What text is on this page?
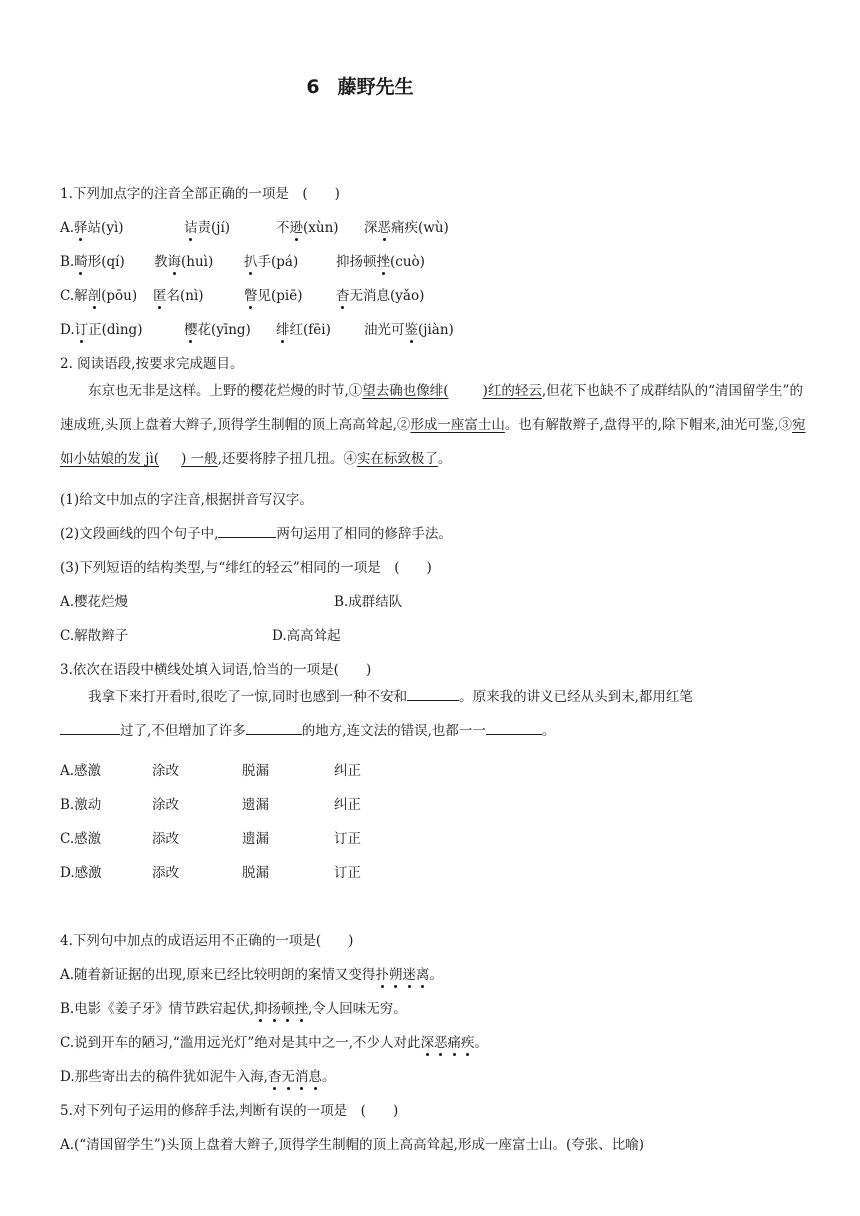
6 藤野先生
1.下列加点字的注音全部正确的一项是　(　　)
A.驿站(yì)	诘责(jí)	不逊(xùn) 深恶痛疾(wù)
B.畸形(qí) 教诲(huì) 扒手(pá)	抑扬顿挫(cuò)
C.解剖(pōu) 匿名(nì)	瞥见(piē) 杳无消息(yǎo)
D.订正(dìng)	樱花(yīng) 绯红(fēi) 油光可鉴(jiàn)
2. 阅读语段,按要求完成题目。
东京也无非是这样。上野的樱花烂熳的时节,①望去确也像绯(	)红的轻云,但花下也缺不了成群结队的“清国留学生”的速成班,头顶上盘着大辫子,顶得学生制帽的顶上高高耸起,②形成一座富士山。也有解散辫子,盘得平的,除下帽来,油光可鉴,③宛如小姑娘的发 jì( ) 一般,还要将脖子扭几扭。④实在标致极了。
(1)给文中加点的字注音,根据拼音写汉字。
(2)文段画线的四个句子中,	两句运用了相同的修辞手法。
(3)下列短语的结构类型,与“绯红的轻云”相同的一项是　(　　)
A.樱花烂熳	B.成群结队
C.解散辫子	D.高高耸起
3.依次在语段中横线处填入词语,恰当的一项是(　　)
我拿下来打开看时,很吃了一惊,同时也感到一种不安和	。原来我的讲义已经从头到末,都用红笔
过了,不但增加了许多	的地方,连文法的错误,也都一一	。
A.感激	涂改	脱漏	纠正
B.激动	涂改	遗漏	纠正
C.感激	添改	遗漏	订正
D.感激	添改	脱漏	订正
4.下列句中加点的成语运用不正确的一项是(　　)
A.随着新证据的出现,原来已经比较明朗的案情又变得扑朔迷离。
B.电影《姜子牙》情节跌宕起伏,抑扬顿挫,令人回味无穷。
C.说到开车的陋习,“滥用远光灯”绝对是其中之一,不少人对此深恶痛疾。
D.那些寄出去的稿件犹如泥牛入海,杳无消息。
5.对下列句子运用的修辞手法,判断有误的一项是　(　　)
A.(“清国留学生”)头顶上盘着大辫子,顶得学生制帽的顶上高高耸起,形成一座富士山。(夸张、比喻)
